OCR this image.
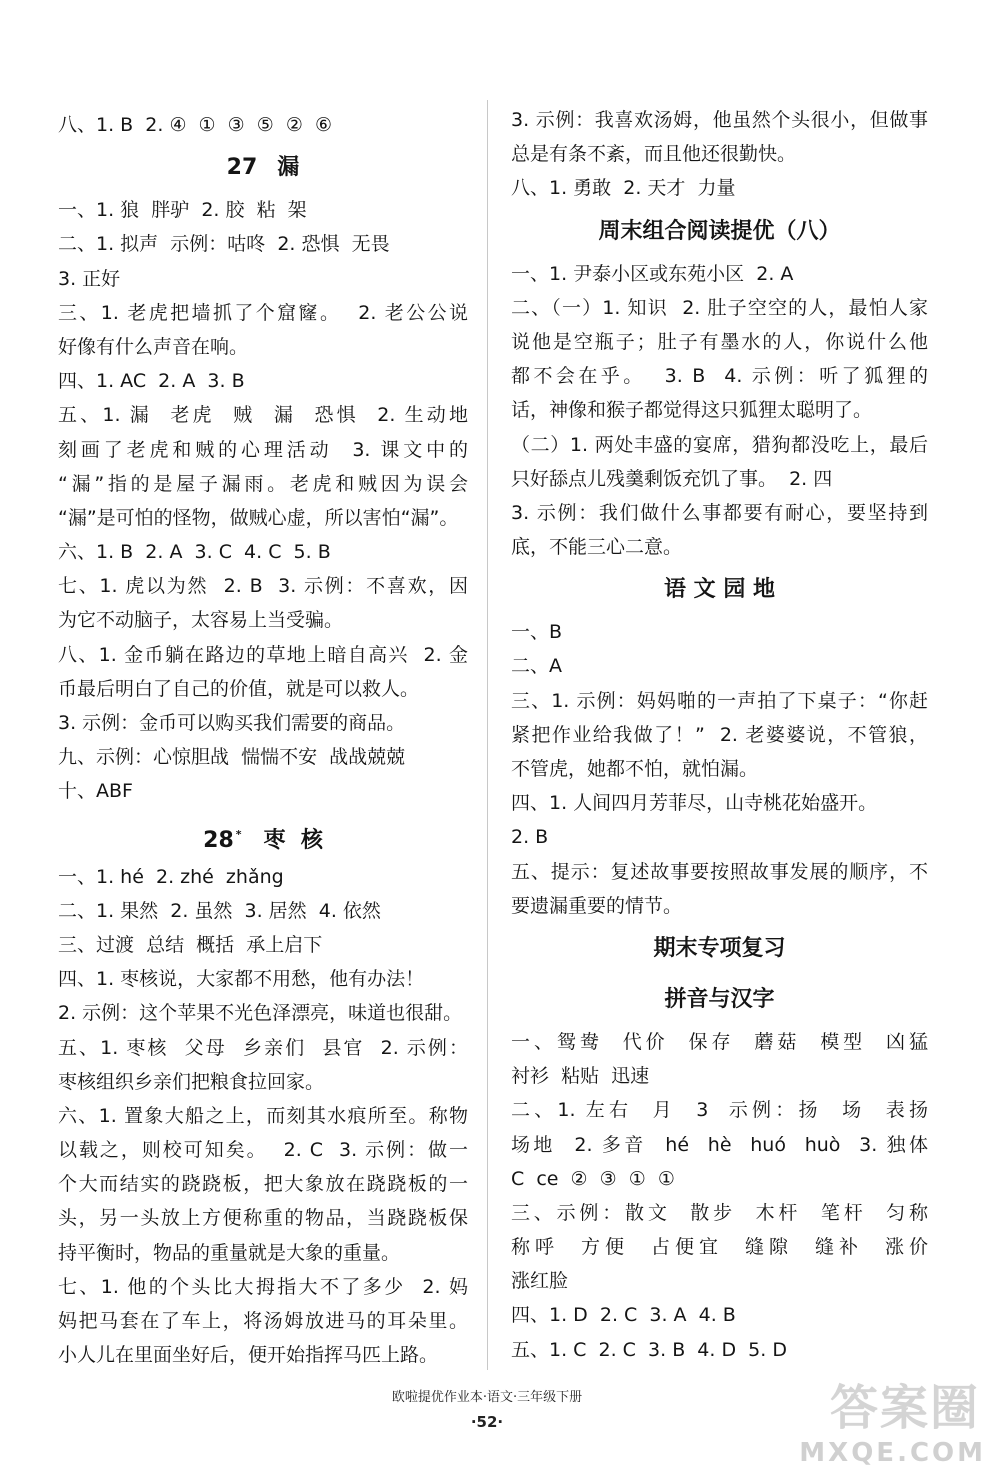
八、1. B  2. ④  ①  ③  ⑤  ②  ⑥
27 漏
一、1. 狼  胖驴  2. 胶  粘  架
二、1. 拟声  示例：咕咚  2. 恐惧  无畏
3. 正好
三、1. 老虎把墙抓了个窟窿。  2. 老公公说
好像有什么声音在响。
四、1. AC  2. A  3. B
五、1. 漏  老虎  贼  漏  恐惧  2. 生动地
刻画了老虎和贼的心理活动  3. 课文中的
“漏”指的是屋子漏雨。老虎和贼因为误会
“漏”是可怕的怪物，做贼心虚，所以害怕“漏”。
六、1. B  2. A  3. C  4. C  5. B
七、1. 虎以为然  2. B  3. 示例：不喜欢，因
为它不动脑子，太容易上当受骗。
八、1. 金币躺在路边的草地上暗自高兴  2. 金
币最后明白了自己的价值，就是可以救人。
3. 示例：金币可以购买我们需要的商品。
九、示例：心惊胆战  惴惴不安  战战兢兢
十、ABF
28 * 枣  核
一、1. hé  2. zhé  zhǎng
二、1. 果然  2. 虽然  3. 居然  4. 依然
三、过渡  总结  概括  承上启下
四、1. 枣核说，大家都不用愁，他有办法！
2. 示例：这个苹果不光色泽漂亮，味道也很甜。
五、1. 枣核  父母  乡亲们  县官  2. 示例：
枣核组织乡亲们把粮食拉回家。
六、1. 置象大船之上，而刻其水痕所至。称物
以载之，则校可知矣。  2. C  3. 示例：做一
个大而结实的跷跷板，把大象放在跷跷板的一
头，另一头放上方便称重的物品，当跷跷板保
持平衡时，物品的重量就是大象的重量。
七、1. 他的个头比大拇指大不了多少  2. 妈
妈把马套在了车上，将汤姆放进马的耳朵里。
小人儿在里面坐好后，便开始指挥马匹上路。
3. 示例：我喜欢汤姆，他虽然个头很小，但做事
总是有条不紊，而且他还很勤快。
八、1. 勇敢  2. 天才  力量
周末组合阅读提优（八）
一、1. 尹泰小区或东苑小区  2. A
二、（一）1. 知识  2. 肚子空空的人，最怕人家
说他是空瓶子；肚子有墨水的人，你说什么他
都不会在乎。  3. B  4. 示例：听了狐狸的
话，神像和猴子都觉得这只狐狸太聪明了。
（二）1. 两处丰盛的宴席，猎狗都没吃上，最后
只好舔点儿残羹剩饭充饥了事。  2. 四
3. 示例：我们做什么事都要有耐心，要坚持到
底，不能三心二意。
语 文 园 地
一、B
二、A
三、1. 示例：妈妈啪的一声拍了下桌子：“你赶
紧把作业给我做了！”  2. 老婆婆说，不管狼，
不管虎，她都不怕，就怕漏。
四、1. 人间四月芳菲尽，山寺桃花始盛开。
2. B
五、提示：复述故事要按照故事发展的顺序，不
要遗漏重要的情节。
期末专项复习
拼音与汉字
一、鸳鸯  代价  保存  蘑菇  模型  凶猛
衬衫  粘贴  迅速
二、1. 左右  月  3  示例：扬  场  表扬
场地  2. 多音  hé  hè  huó  huò  3. 独体
C  ce  ②  ③  ①  ①
三、示例：散文  散步  木杆  笔杆  匀称
称呼  方便  占便宜  缝隙  缝补  涨价
涨红脸
四、1. D  2. C  3. A  4. B
五、1. C  2. C  3. B  4. D  5. D
欧啦提优作业本·语文·三年级下册
·52·	答案圈
MXQE.COM
